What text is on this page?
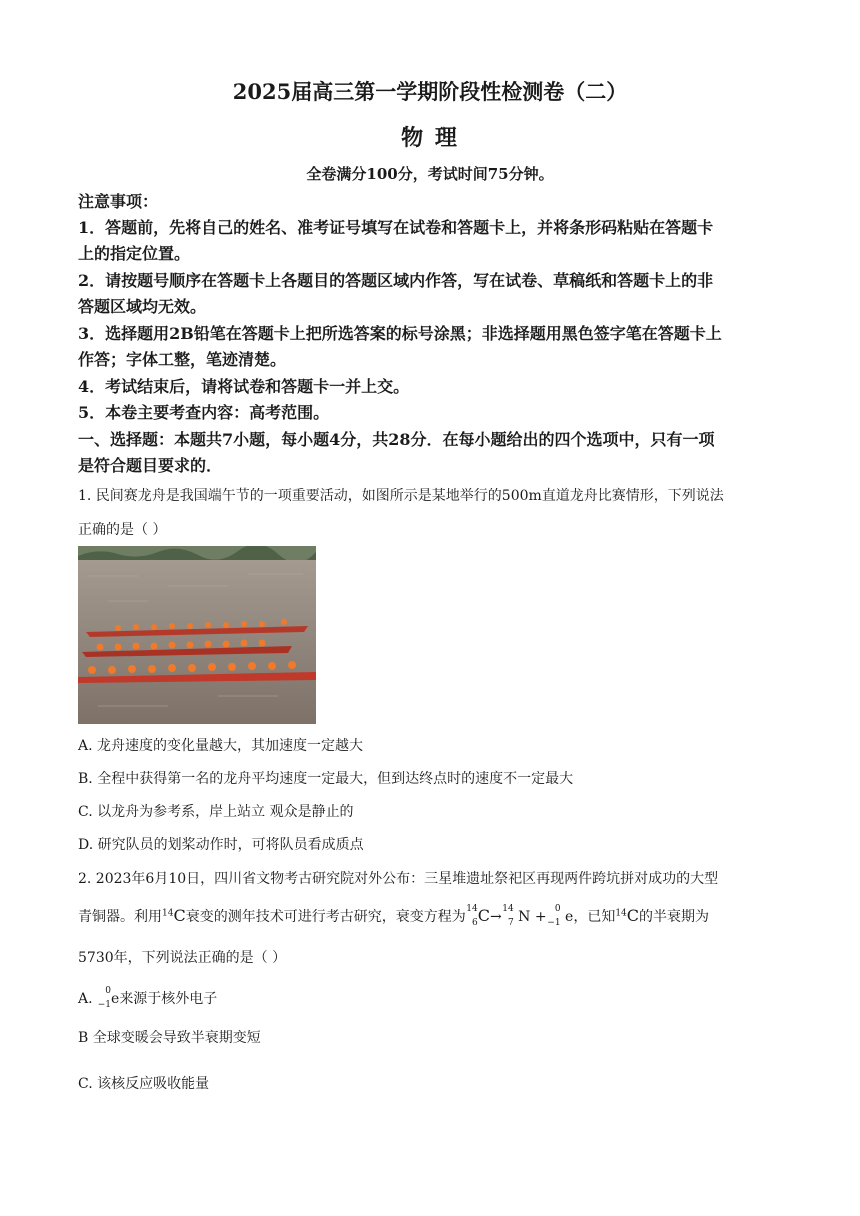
2025届高三第一学期阶段性检测卷（二）
物 理
全卷满分100分，考试时间75分钟。
注意事项：
1．答题前，先将自己的姓名、准考证号填写在试卷和答题卡上，并将条形码粘贴在答题卡
上的指定位置。
2．请按题号顺序在答题卡上各题目的答题区域内作答，写在试卷、草稿纸和答题卡上的非
答题区域均无效。
3．选择题用2B铅笔在答题卡上把所选答案的标号涂黑；非选择题用黑色签字笔在答题卡上
作答；字体工整，笔迹清楚。
4．考试结束后，请将试卷和答题卡一并上交。
5．本卷主要考查内容：高考范围。
一、选择题：本题共7小题，每小题4分，共28分．在每小题给出的四个选项中，只有一项
是符合题目要求的．
1. 民间赛龙舟是我国端午节的一项重要活动，如图所示是某地举行的500m直道龙舟比赛情形，下列说法
正确的是（ ）
A. 龙舟速度的变化量越大，其加速度一定越大
B. 全程中获得第一名的龙舟平均速度一定最大，但到达终点时的速度不一定最大
C. 以龙舟为参考系，岸上站立 观众是静止的
D. 研究队员的划桨动作时，可将队员看成质点
2. 2023年6月10日，四川省文物考古研究院对外公布：三星堆遗址祭祀区再现两件跨坑拼对成功的大型
青铜器。利用$^{14}$C衰变的测年技术可进行考古研究，衰变方程为 14
6 C→ 14
7 N + 0
−1 e，已知$^{14}$C的半衰期为
5730年，下列说法正确的是（ ）
A. 0
−1 e来源于核外电子
B 全球变暖会导致半衰期变短
C. 该核反应吸收能量
